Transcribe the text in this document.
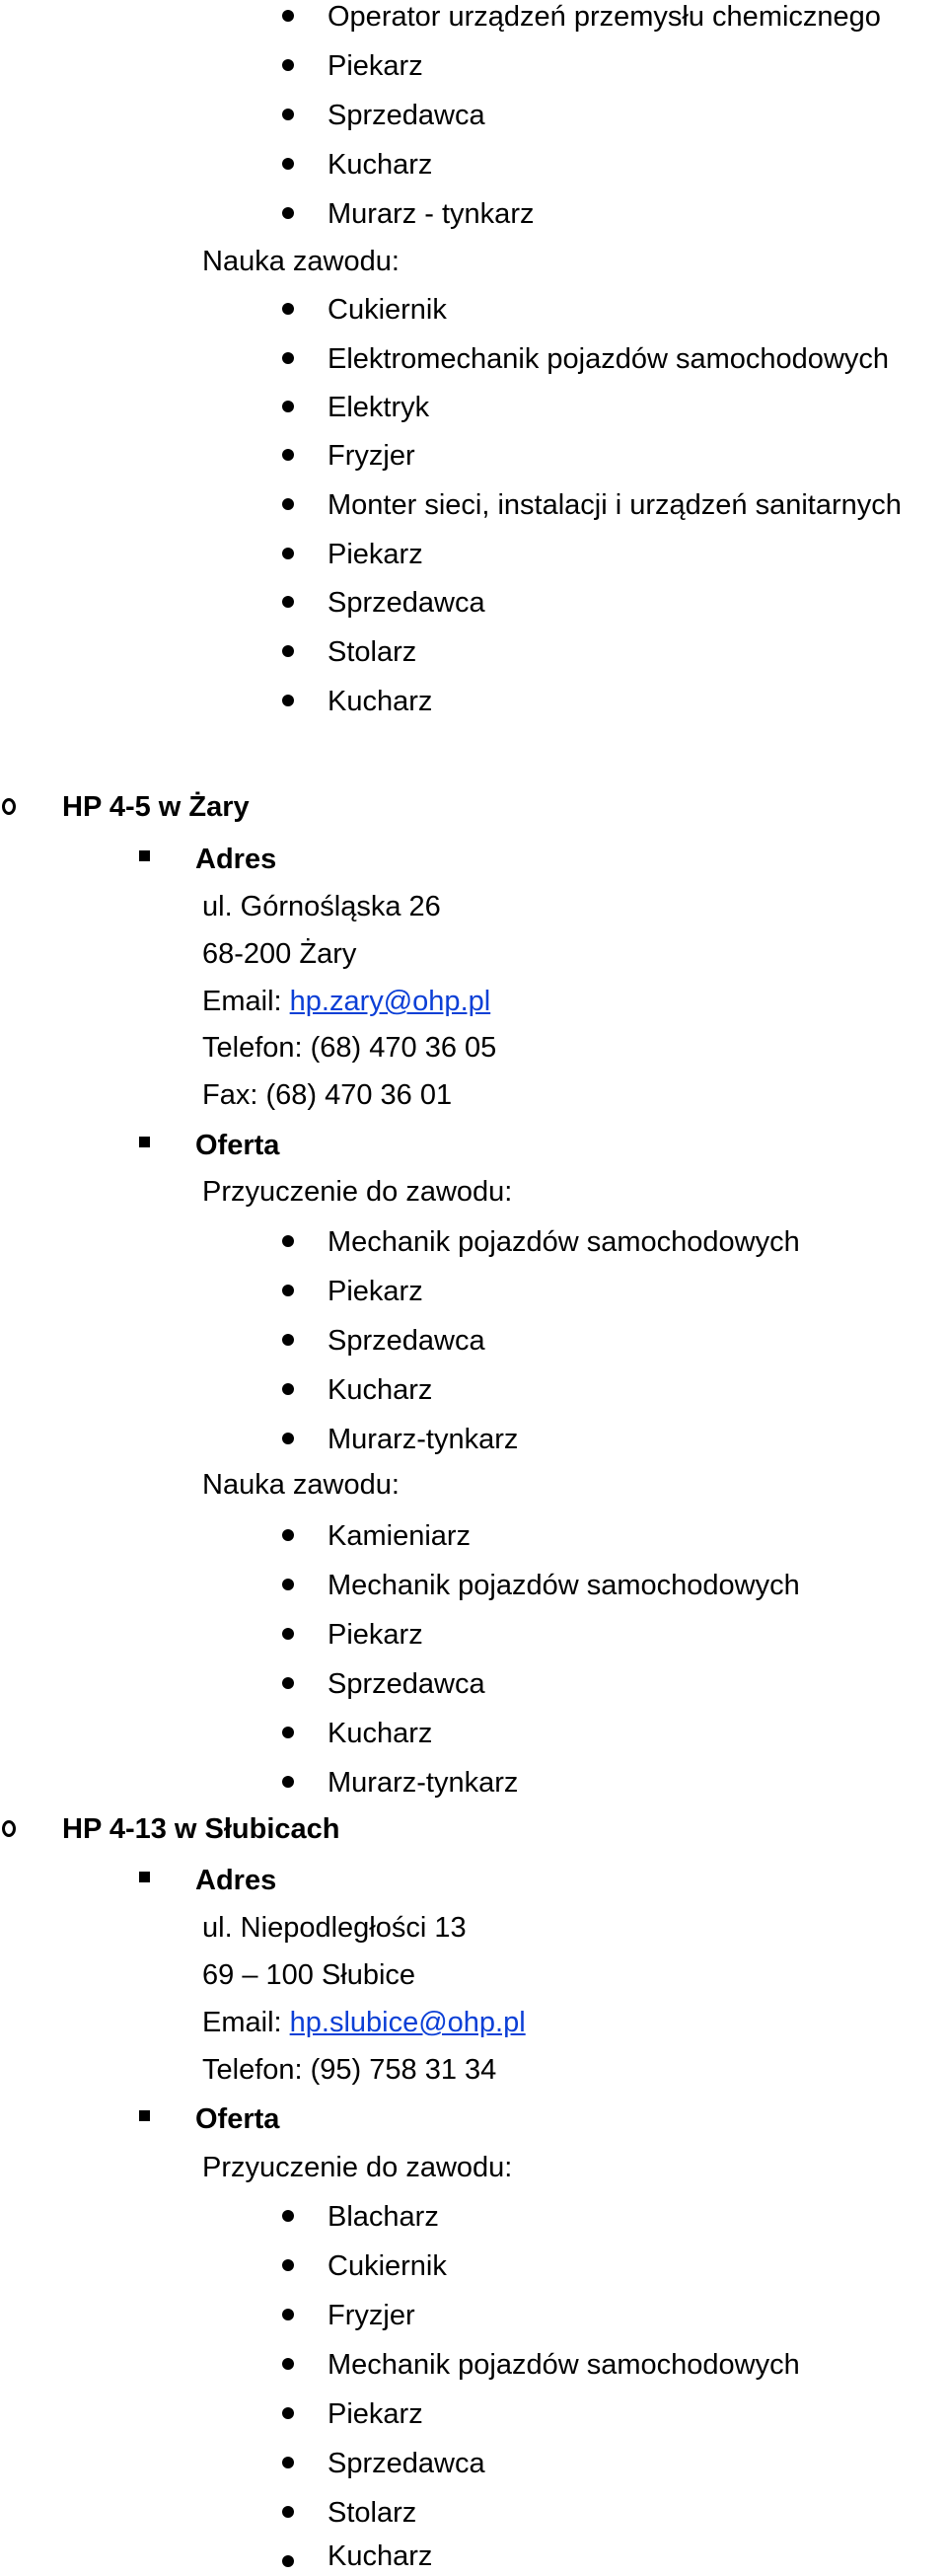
Operator urządzeń przemysłu chemicznego
Piekarz
Sprzedawca
Kucharz
Murarz - tynkarz
Nauka zawodu:
Cukiernik
Elektromechanik pojazdów samochodowych
Elektryk
Fryzjer
Monter sieci, instalacji i urządzeń sanitarnych
Piekarz
Sprzedawca
Stolarz
Kucharz
HP 4-5 w Żary
Adres
ul. Górnośląska 26
68-200 Żary
Email: hp.zary@ohp.pl
Telefon: (68) 470 36 05
Fax: (68) 470 36 01
Oferta
Przyuczenie do zawodu:
Mechanik pojazdów samochodowych
Piekarz
Sprzedawca
Kucharz
Murarz-tynkarz
Nauka zawodu:
Kamieniarz
Mechanik pojazdów samochodowych
Piekarz
Sprzedawca
Kucharz
Murarz-tynkarz
HP 4-13 w Słubicach
Adres
ul. Niepodległości 13
69 – 100 Słubice
Email: hp.slubice@ohp.pl
Telefon: (95) 758 31 34
Oferta
Przyuczenie do zawodu:
Blacharz
Cukiernik
Fryzjer
Mechanik pojazdów samochodowych
Piekarz
Sprzedawca
Stolarz
Kucharz
